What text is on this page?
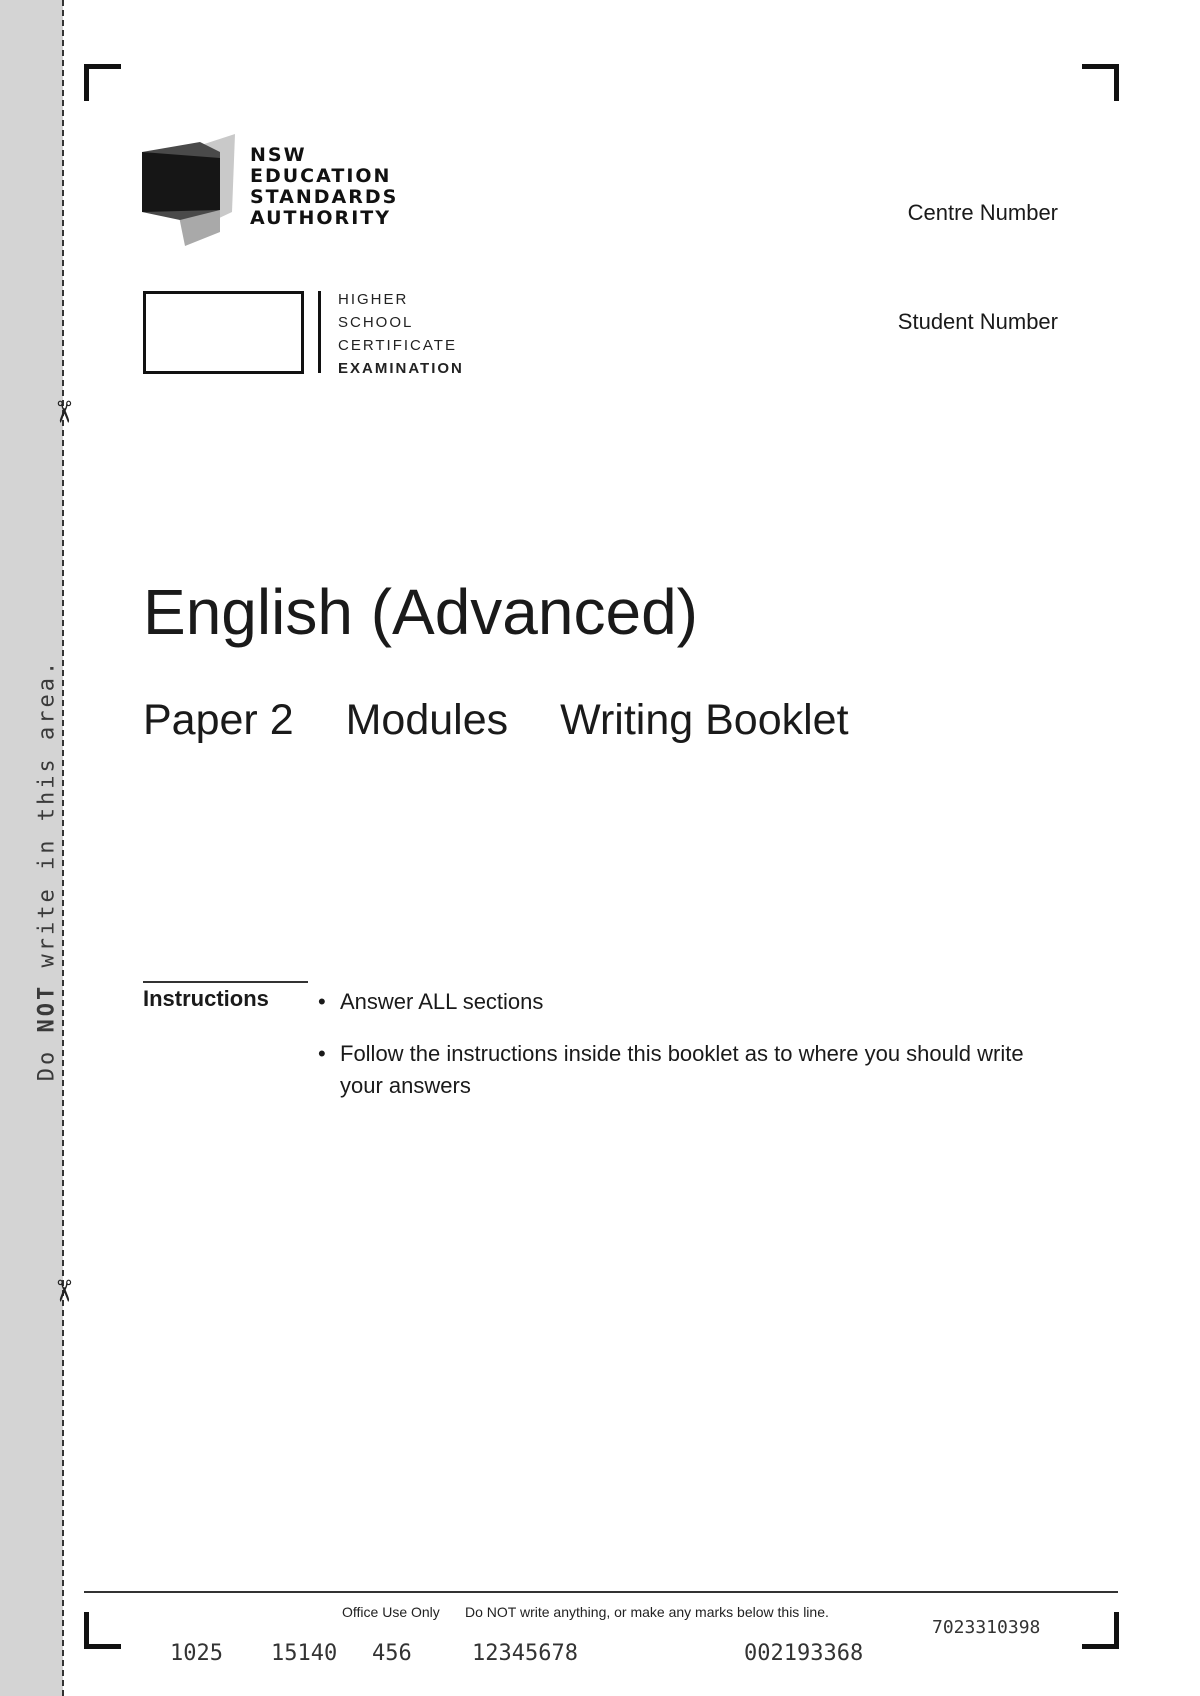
✂
✂
Do NOT write in this area.
NSW
EDUCATION
STANDARDS
AUTHORITY
HIGHER
SCHOOL
CERTIFICATE
EXAMINATION
Centre Number
Student Number
English (Advanced)
Paper 2 Modules Writing Booklet
Instructions • Answer ALL sections
• Follow the instructions inside this booklet as to where you should write your answers
Office Use Only Do NOT write anything, or make any marks below this line.
7023310398
1025 15140 456	12345678	002193368
